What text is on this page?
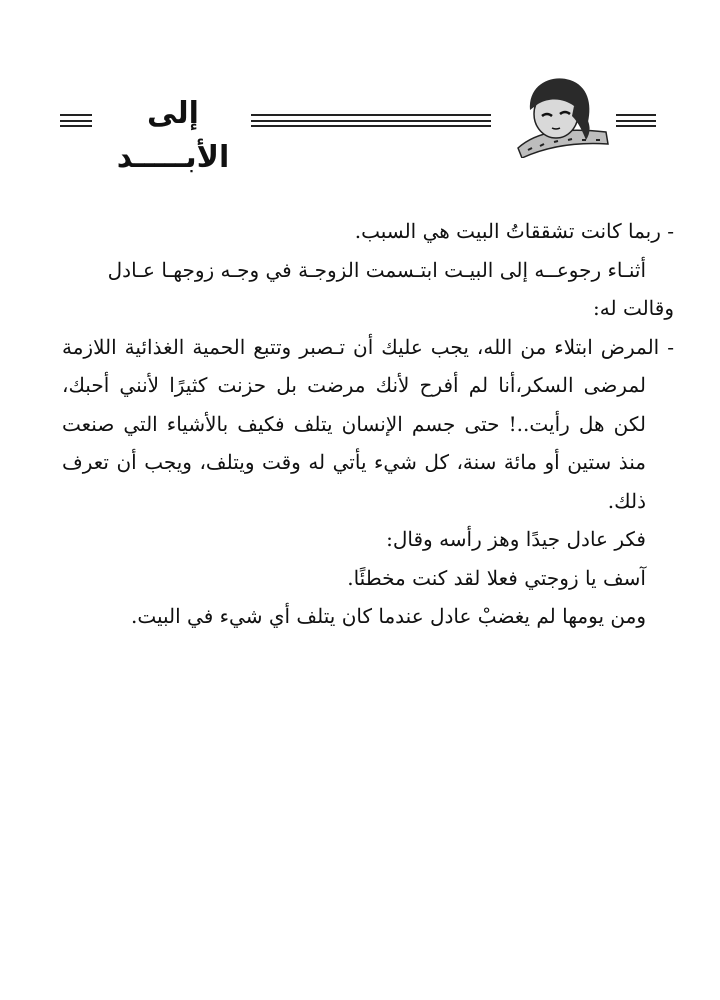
إلى الأبـــــد

- ربما كانت تشققاتُ البيت هي السبب.

أثنـاء رجوعــه إلى البيـت ابتـسمت الزوجـة في وجـه زوجهـا عـادل

وقالت له:

- المرض ابتلاء من الله، يجب عليك أن تـصبر وتتبع الحمية الغذائية اللازمة لمرضى السكر،أنا لم أفرح لأنك مرضت بل حزنت كثيرًا لأنني أحبك، لكن هل رأيت..! حتى جسم الإنسان يتلف فكيف بالأشياء التي صنعت منذ ستين أو مائة سنة، كل شيء يأتي له وقت ويتلف، ويجب أن تعرف ذلك.

فكر عادل جيدًا وهز رأسه وقال:

آسف يا زوجتي فعلا لقد كنت مخطئًا.

ومن يومها لم يغضبْ عادل عندما كان يتلف أي شيء في البيت.
